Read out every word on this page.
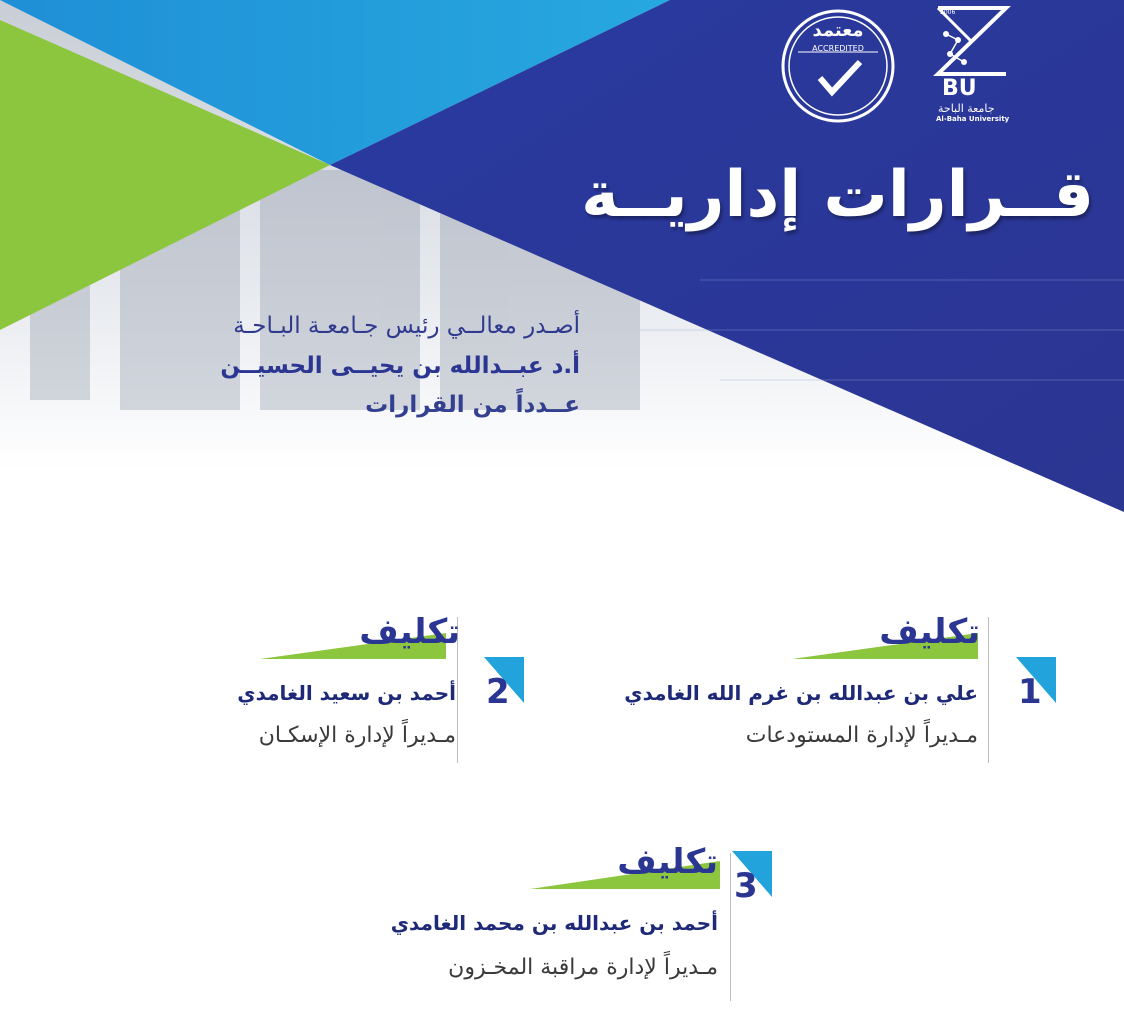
2006
BU
جامعة الباحة
Al-Baha University
معتمد
ACCREDITED
قــرارات إداريــة
أصـدر معالــي رئيس جـامعـة البـاحـة
أ.د عبــدالله بن يحيــى الحسيــن
عــدداً من القرارات
1
تكليف
علي بن عبدالله بن غرم الله الغامدي
مـديراً لإدارة المستودعات
2
تكليف
أحمد بن سعيد الغامدي
مـديراً لإدارة الإسكـان
3
تكليف
أحمد بن عبدالله بن محمد الغامدي
مـديراً لإدارة مراقبة المخـزون
